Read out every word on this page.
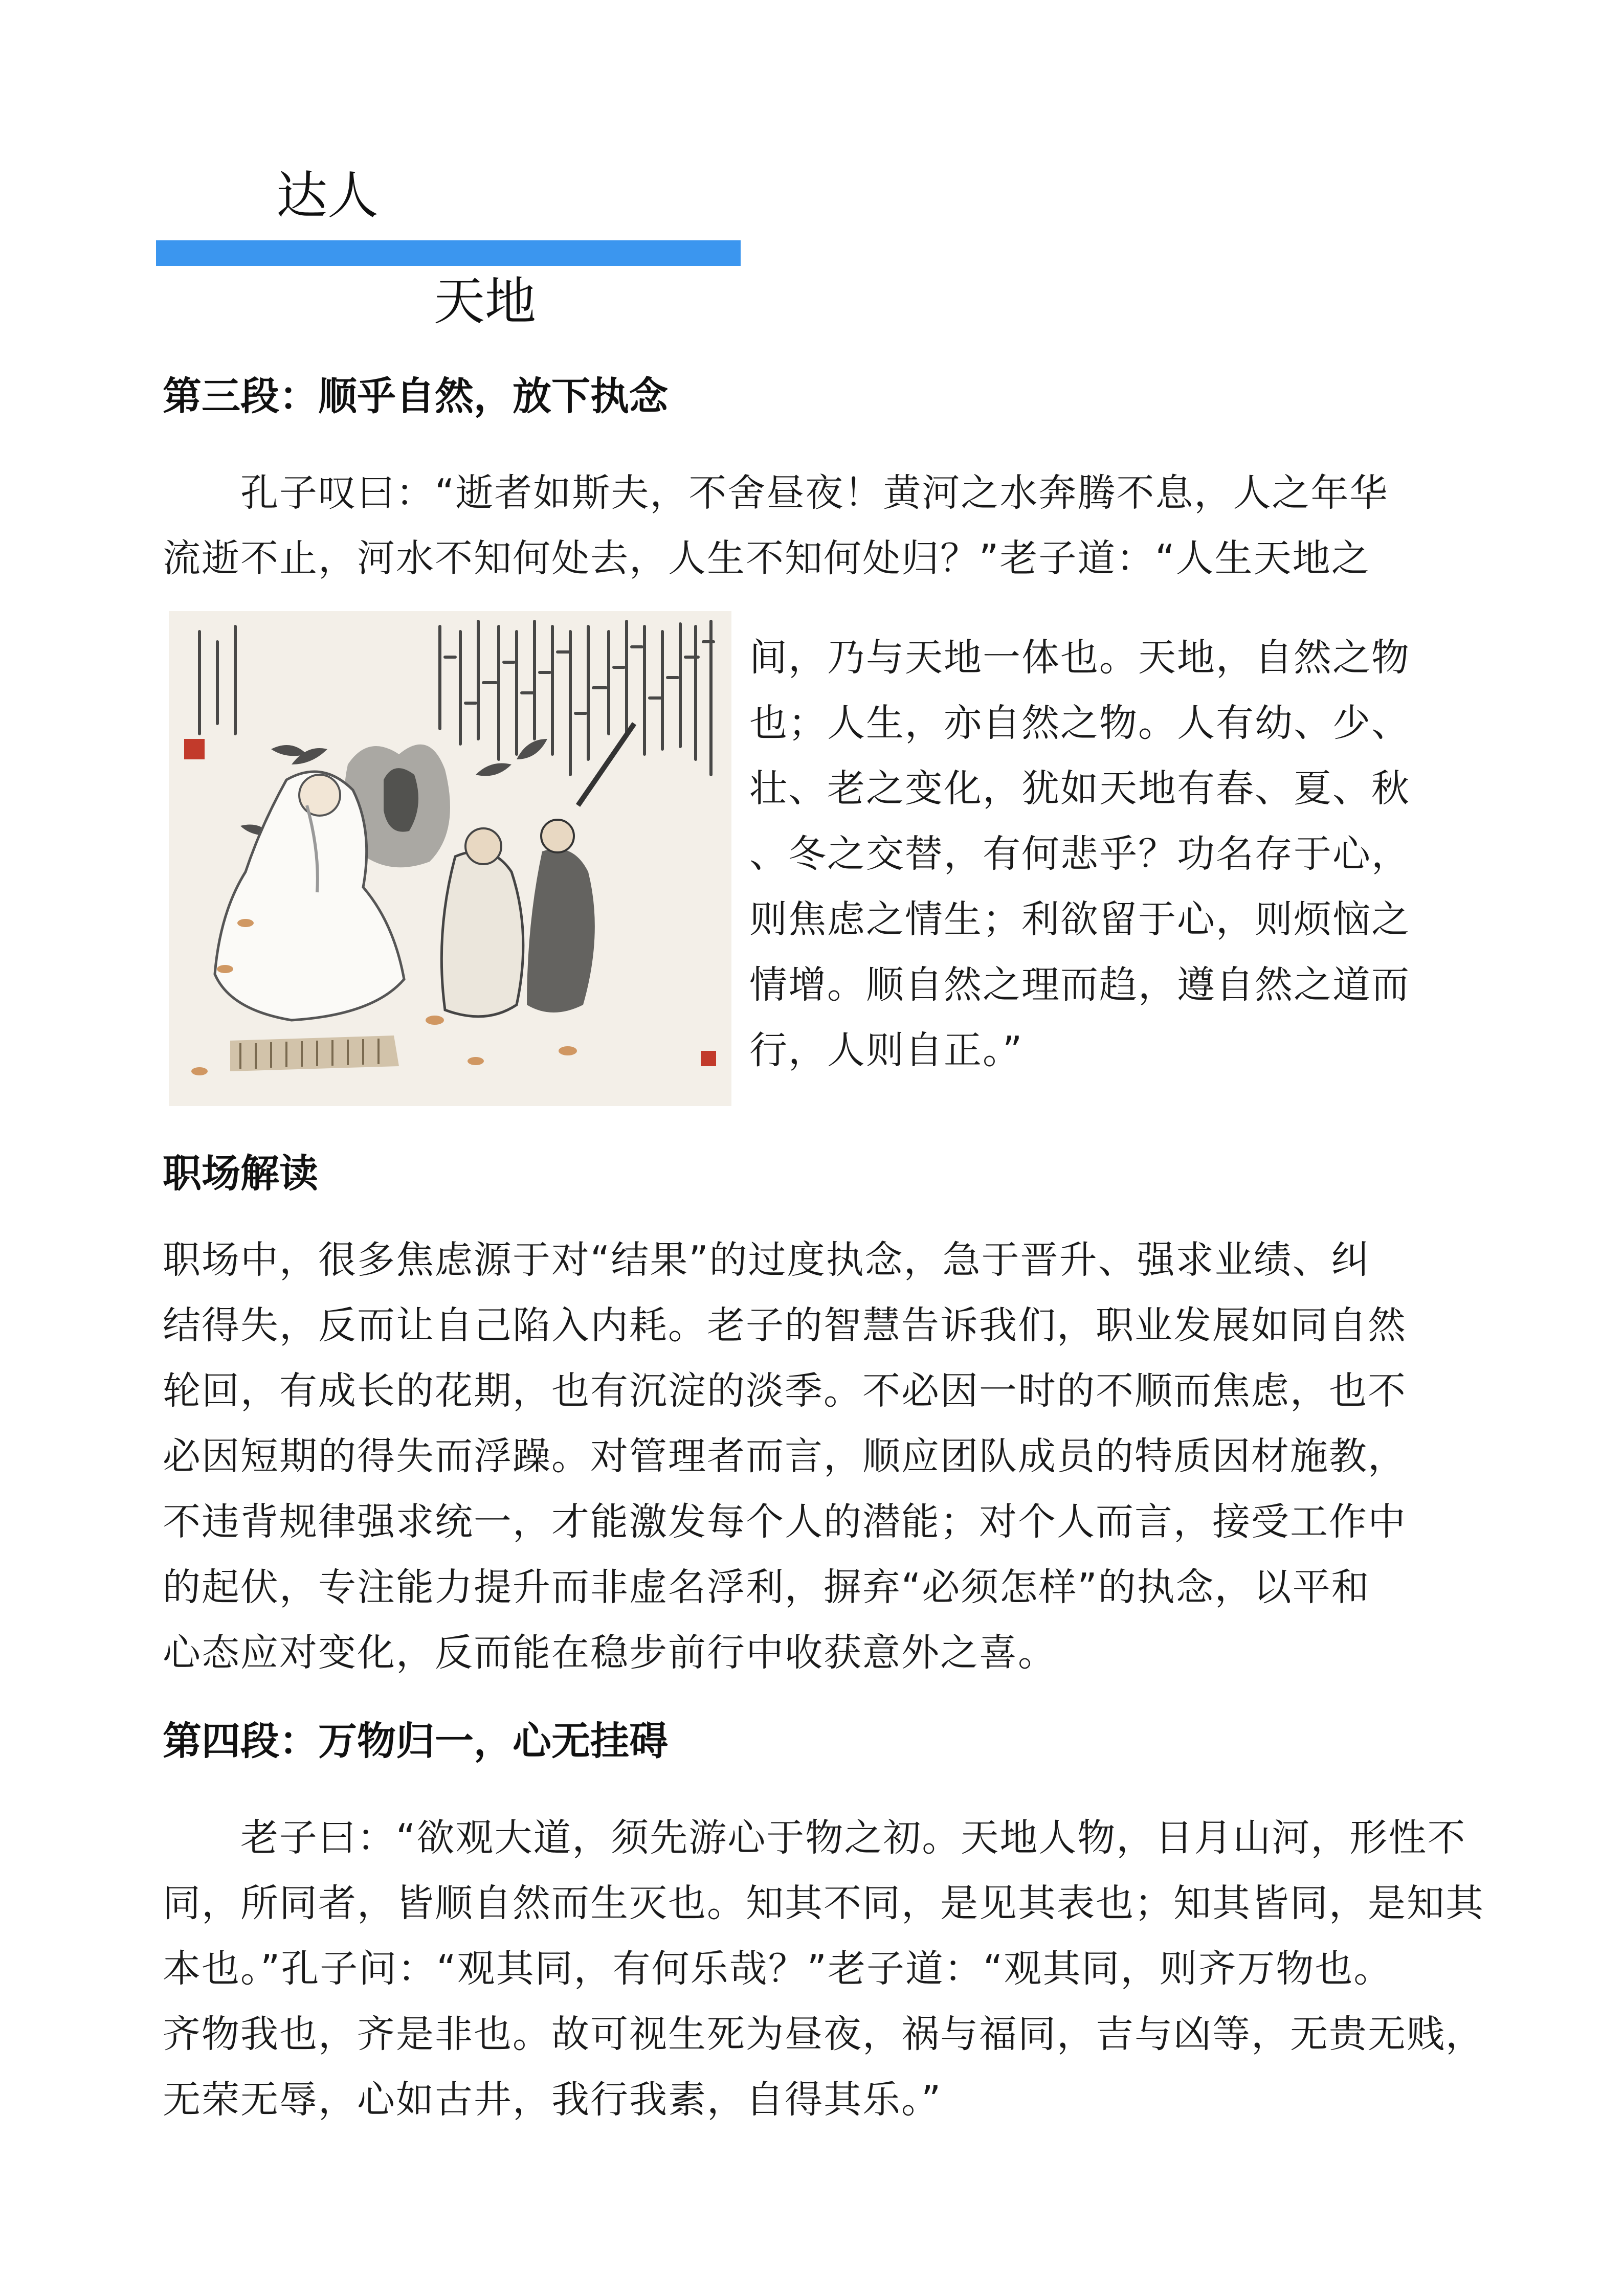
达人
天地
第三段：顺乎自然，放下执念
　　孔子叹曰：“逝者如斯夫，不舍昼夜！黄河之水奔腾不息，人之年华
流逝不止，河水不知何处去，人生不知何处归？”老子道：“人生天地之
间，乃与天地一体也。天地，自然之物
也；人生，亦自然之物。人有幼、少、
壮、老之变化，犹如天地有春、夏、秋
、冬之交替，有何悲乎？功名存于心，
则焦虑之情生；利欲留于心，则烦恼之
情增。顺自然之理而趋，遵自然之道而
行，人则自正。”
职场解读
职场中，很多焦虑源于对“结果”的过度执念，急于晋升、强求业绩、纠
结得失，反而让自己陷入内耗。老子的智慧告诉我们，职业发展如同自然
轮回，有成长的花期，也有沉淀的淡季。不必因一时的不顺而焦虑，也不
必因短期的得失而浮躁。对管理者而言，顺应团队成员的特质因材施教，
不违背规律强求统一，才能激发每个人的潜能；对个人而言，接受工作中
的起伏，专注能力提升而非虚名浮利，摒弃“必须怎样”的执念，以平和
心态应对变化，反而能在稳步前行中收获意外之喜。
第四段：万物归一，心无挂碍
　　老子曰：“欲观大道，须先游心于物之初。天地人物，日月山河，形性不
同，所同者，皆顺自然而生灭也。知其不同，是见其表也；知其皆同，是知其
本也。”孔子问：“观其同，有何乐哉？”老子道：“观其同，则齐万物也。
齐物我也，齐是非也。故可视生死为昼夜，祸与福同，吉与凶等，无贵无贱，
无荣无辱，心如古井，我行我素，自得其乐。”
